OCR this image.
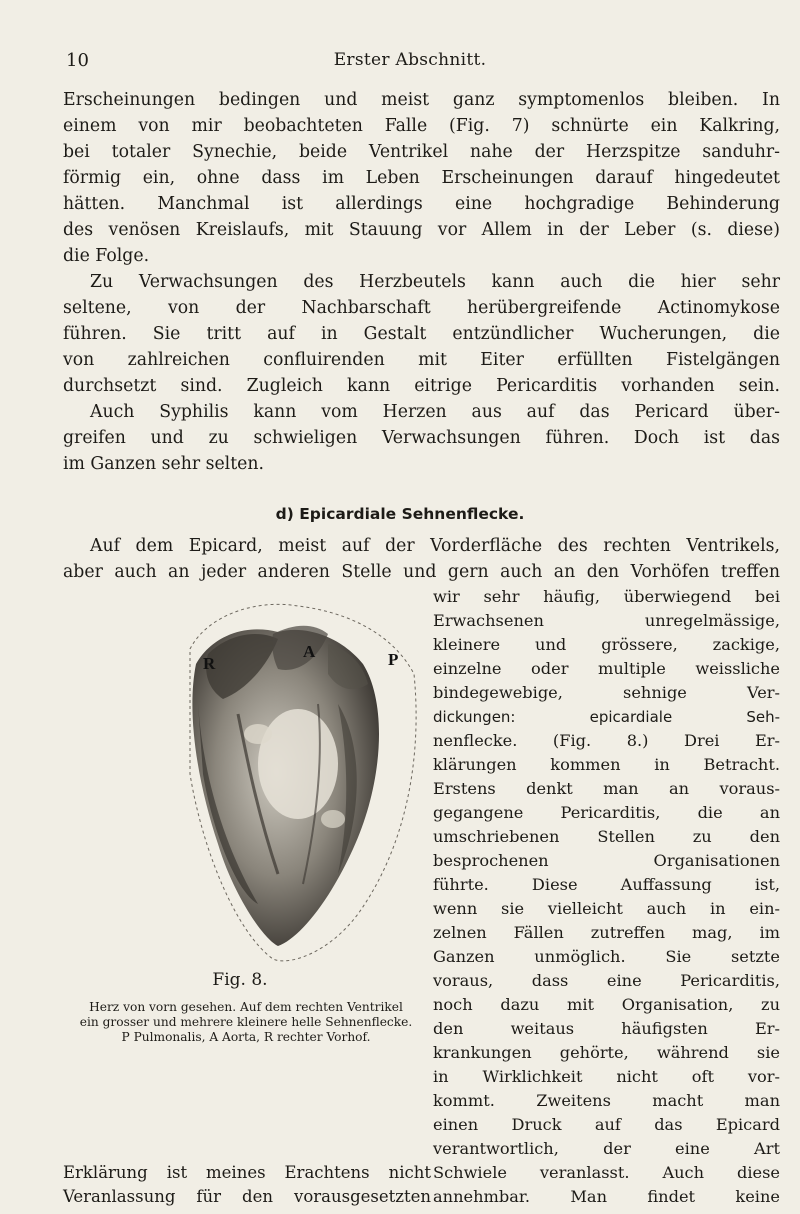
10	Erster Abschnitt.
Erscheinungen bedingen und meist ganz symptomenlos bleiben. In
einem von mir beobachteten Falle (Fig. 7) schnürte ein Kalkring,
bei totaler Synechie, beide Ventrikel nahe der Herzspitze sanduhr-
förmig ein, ohne dass im Leben Erscheinungen darauf hingedeutet
hätten. Manchmal ist allerdings eine hochgradige Behinderung
des venösen Kreislaufs, mit Stauung vor Allem in der Leber (s. diese)
die Folge.
Zu Verwachsungen des Herzbeutels kann auch die hier sehr
seltene, von der Nachbarschaft herübergreifende Actinomykose
führen. Sie tritt auf in Gestalt entzündlicher Wucherungen, die
von zahlreichen confluirenden mit Eiter erfüllten Fistelgängen
durchsetzt sind. Zugleich kann eitrige Pericarditis vorhanden sein.
Auch Syphilis kann vom Herzen aus auf das Pericard über-
greifen und zu schwieligen Verwachsungen führen. Doch ist das
im Ganzen sehr selten.
d) Epicardiale Sehnenflecke.
Auf dem Epicard, meist auf der Vorderfläche des rechten Ventrikels,
aber auch an jeder anderen Stelle und gern auch an den Vorhöfen treffen
wir sehr häufig, überwiegend bei
Erwachsenen unregelmässige,
kleinere und grössere, zackige,
einzelne oder multiple weissliche
bindegewebige, sehnige Ver-
dickungen: epicardiale Seh-
nenflecke. (Fig. 8.) Drei Er-
klärungen kommen in Betracht.
Erstens denkt man an voraus-
gegangene Pericarditis, die an
umschriebenen Stellen zu den
besprochenen Organisationen
führte. Diese Auffassung ist,
wenn sie vielleicht auch in ein-
zelnen Fällen zutreffen mag, im
Ganzen unmöglich. Sie setzte
voraus, dass eine Pericarditis,
noch dazu mit Organisation, zu
den weitaus häufigsten Er-
krankungen gehörte, während sie
in Wirklichkeit nicht oft vor-
kommt. Zweitens macht man
einen Druck auf das Epicard
verantwortlich, der eine Art
Schwiele veranlasst. Auch diese
annehmbar. Man findet keine
R
A	P
Fig. 8.
Herz von vorn gesehen. Auf dem rechten Ventrikel
ein grosser und mehrere kleinere helle Sehnenflecke.
P Pulmonalis, A Aorta, R rechter Vorhof.
Erklärung ist meines Erachtens nicht
Veranlassung für den vorausgesetzten
